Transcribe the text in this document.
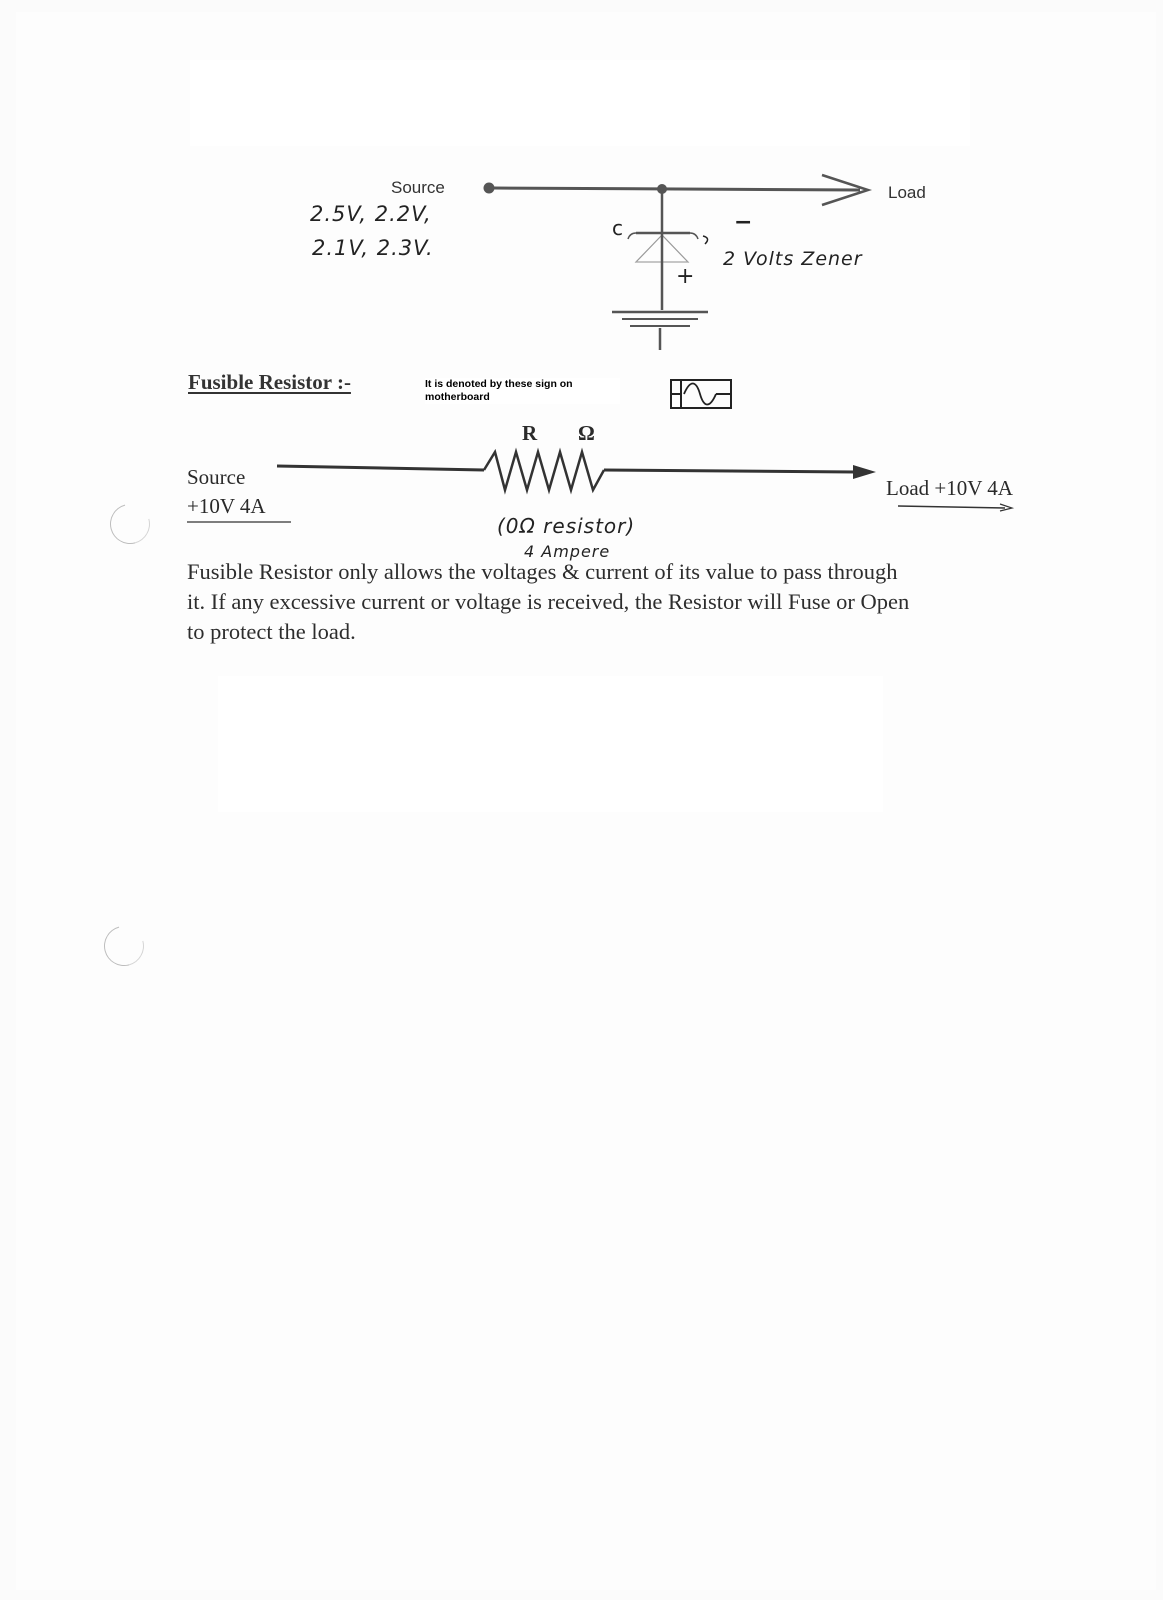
Source	Load
2.5V, 2.2V,
2.1V, 2.3V.
c	−
+
2 Volts Zener
Fusible Resistor :-	It is denoted by these sign on
motherboard
R Ω
Source
+10V 4A
Load +10V 4A
(0Ω resistor)
4 Ampere

Fusible Resistor only allows the voltages & current of its value to pass through

it. If any excessive current or voltage is received, the Resistor will Fuse or Open

to protect the load.
